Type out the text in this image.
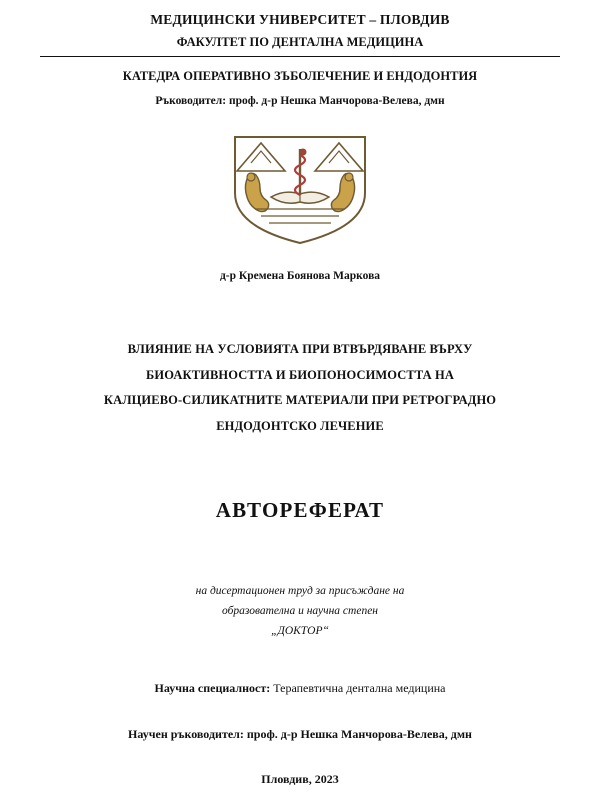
МЕДИЦИНСКИ УНИВЕРСИТЕТ – ПЛОВДИВ
ФАКУЛТЕТ ПО ДЕНТАЛНА МЕДИЦИНА
КАТЕДРА ОПЕРАТИВНО ЗЪБОЛЕЧЕНИЕ И ЕНДОДОНТИЯ
Ръководител: проф. д-р Нешка Манчорова-Велева, дмн
д-р Кремена Боянова Маркова
ВЛИЯНИЕ НА УСЛОВИЯТА ПРИ ВТВЪРДЯВАНЕ ВЪРХУ
БИОАКТИВНОСТТА И БИОПОНОСИМОСТТА НА
КАЛЦИЕВО-СИЛИКАТНИТЕ МАТЕРИАЛИ ПРИ РЕТРОГРАДНО
ЕНДОДОНТСКО ЛЕЧЕНИЕ
АВТОРЕФЕРАТ
на дисертационен труд за присъждане на
образователна и научна степен
„ДОКТОР“
Научна специалност: Терапевтична дентална медицина
Научен ръководител: проф. д-р Нешка Манчорова-Велева, дмн
Пловдив, 2023
